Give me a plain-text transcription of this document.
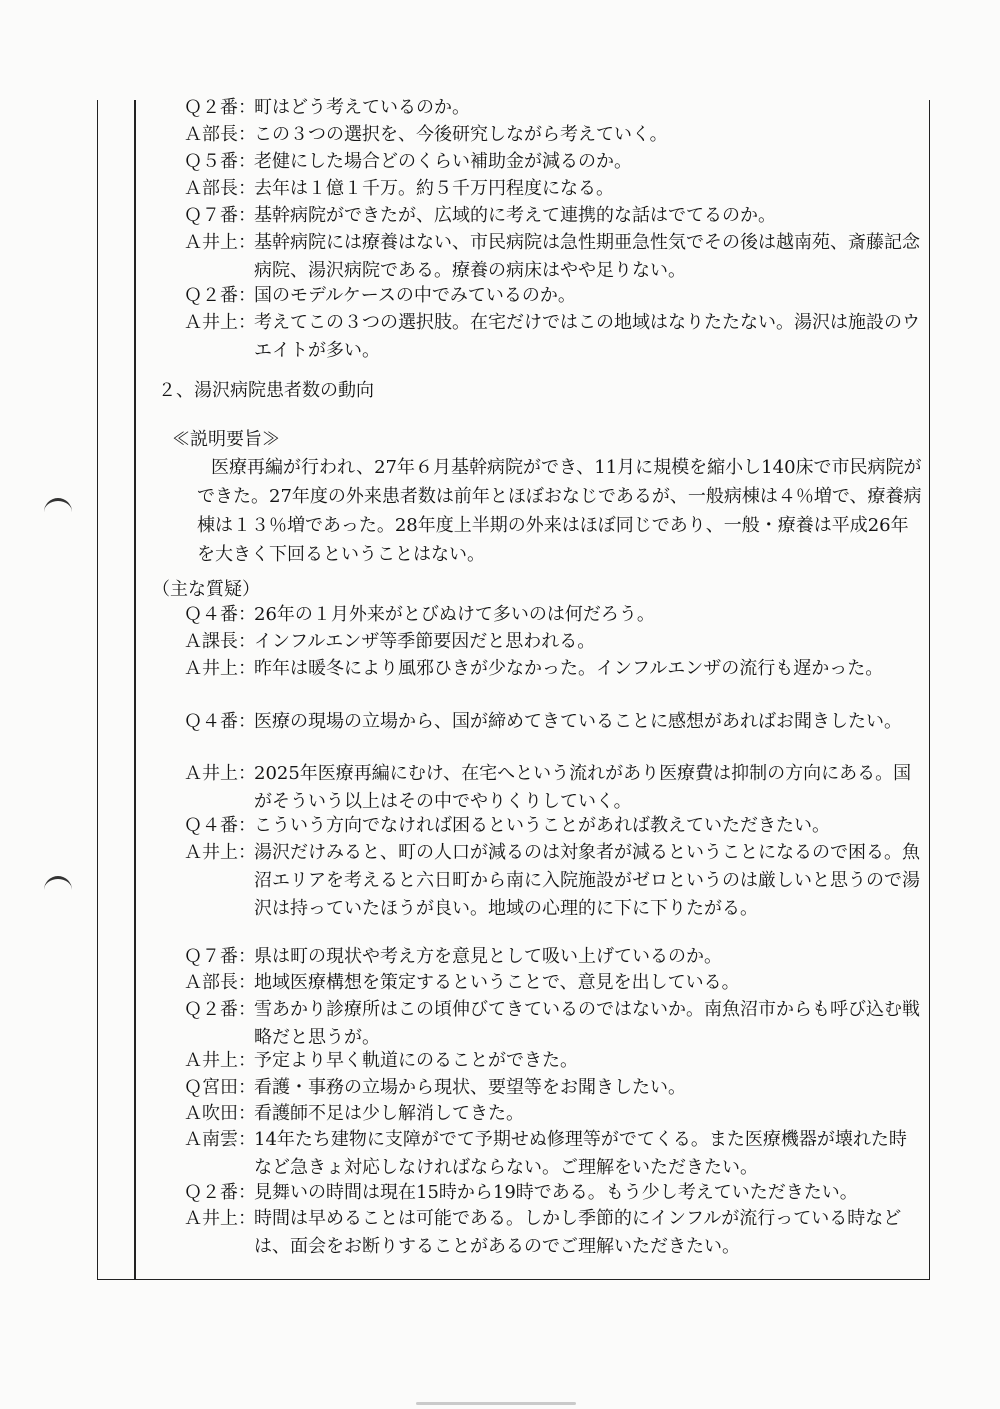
Ｑ２番 ：
町はどう考えているのか。
Ａ部長 ：
この３つの選択を、今後研究しながら考えていく。
Ｑ５番 ：
老健にした場合どのくらい補助金が減るのか。
Ａ部長 ：
去年は１億１千万。約５千万円程度になる。
Ｑ７番 ：
基幹病院ができたが、広域的に考えて連携的な話はでてるのか。
Ａ井上 ：
基幹病院には療養はない、市民病院は急性期亜急性気でその後は越南苑、斎藤記念病院、湯沢病院である。療養の病床はやや足りない。
Ｑ２番 ：
国のモデルケースの中でみているのか。
Ａ井上 ：
考えてこの３つの選択肢。在宅だけではこの地域はなりたたない。湯沢は施設のウエイトが多い。
２、湯沢病院患者数の動向
≪説明要旨≫
医療再編が行われ、27年６月基幹病院ができ、11月に規模を縮小し140床で市民病院ができた。27年度の外来患者数は前年とほぼおなじであるが、一般病棟は４％増で、療養病棟は１３％増であった。28年度上半期の外来はほぼ同じであり、一般・療養は平成26年を大きく下回るということはない。
（主な質疑）
Ｑ４番 ：
26年の１月外来がとびぬけて多いのは何だろう。
Ａ課長 ：
インフルエンザ等季節要因だと思われる。
Ａ井上 ：
昨年は暖冬により風邪ひきが少なかった。インフルエンザの流行も遅かった。
Ｑ４番 ：
医療の現場の立場から、国が締めてきていることに感想があればお聞きしたい。
Ａ井上 ：
2025年医療再編にむけ、在宅へという流れがあり医療費は抑制の方向にある。国がそういう以上はその中でやりくりしていく。
Ｑ４番 ：
こういう方向でなければ困るということがあれば教えていただきたい。
Ａ井上 ：
湯沢だけみると、町の人口が減るのは対象者が減るということになるので困る。魚沼エリアを考えると六日町から南に入院施設がゼロというのは厳しいと思うので湯沢は持っていたほうが良い。地域の心理的に下に下りたがる。
Ｑ７番 ：
県は町の現状や考え方を意見として吸い上げているのか。
Ａ部長 ：
地域医療構想を策定するということで、意見を出している。
Ｑ２番 ：
雪あかり診療所はこの頃伸びてきているのではないか。南魚沼市からも呼び込む戦略だと思うが。
Ａ井上 ：
予定より早く軌道にのることができた。
Ｑ宮田 ：
看護・事務の立場から現状、要望等をお聞きしたい。
Ａ吹田 ：
看護師不足は少し解消してきた。
Ａ南雲 ：
14年たち建物に支障がでて予期せぬ修理等がでてくる。また医療機器が壊れた時など急きょ対応しなければならない。ご理解をいただきたい。
Ｑ２番 ：
見舞いの時間は現在15時から19時である。もう少し考えていただきたい。
Ａ井上 ：
時間は早めることは可能である。しかし季節的にインフルが流行っている時などは、面会をお断りすることがあるのでご理解いただきたい。
